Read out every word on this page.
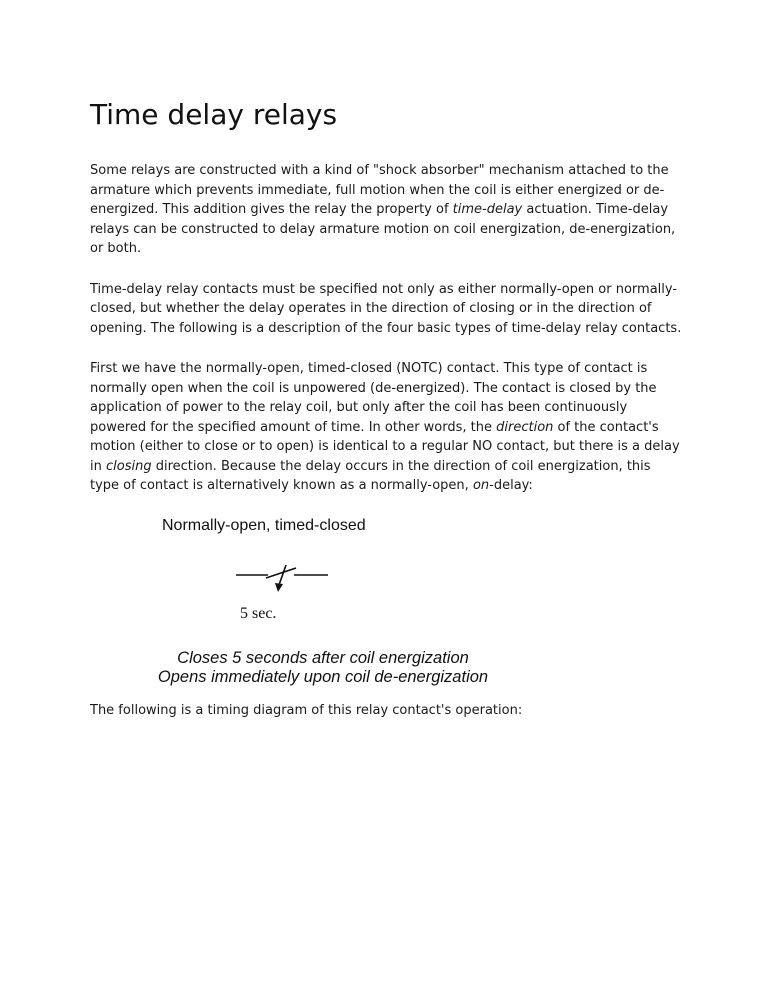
Time delay relays

Some relays are constructed with a kind of "shock absorber" mechanism attached to the armature which prevents immediate, full motion when the coil is either energized or de-energized. This addition gives the relay the property of time-delay actuation. Time-delay relays can be constructed to delay armature motion on coil energization, de-energization, or both.

Time-delay relay contacts must be specified not only as either normally-open or normally-closed, but whether the delay operates in the direction of closing or in the direction of opening. The following is a description of the four basic types of time-delay relay contacts.

First we have the normally-open, timed-closed (NOTC) contact. This type of contact is normally open when the coil is unpowered (de-energized). The contact is closed by the application of power to the relay coil, but only after the coil has been continuously powered for the specified amount of time. In other words, the direction of the contact's motion (either to close or to open) is identical to a regular NO contact, but there is a delay in closing direction. Because the delay occurs in the direction of coil energization, this type of contact is alternatively known as a normally-open, on-delay:

Normally-open, timed-closed
5 sec.
Closes 5 seconds after coil energization
Opens immediately upon coil de-energization

The following is a timing diagram of this relay contact's operation:
